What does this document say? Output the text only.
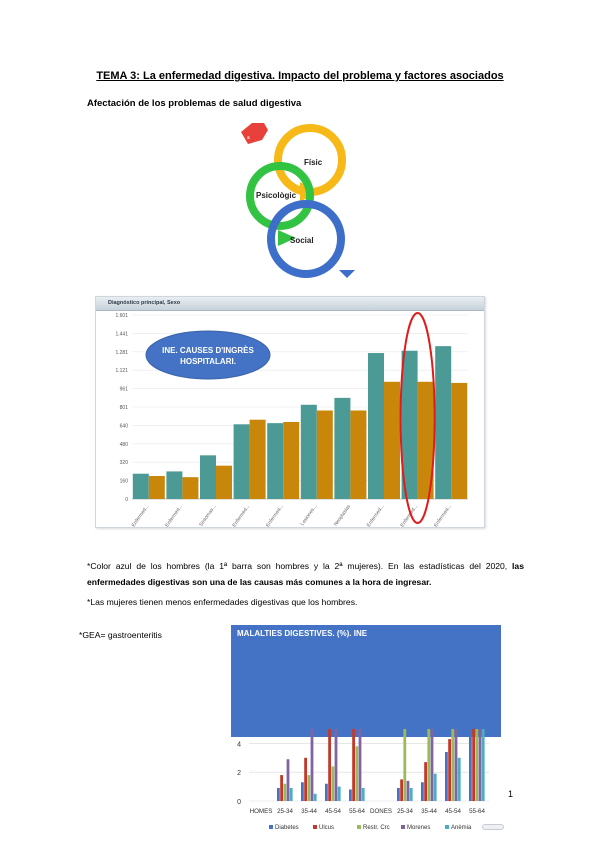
TEMA 3: La enfermedad digestiva. Impacto del problema y factores asociados
Afectación de los problemas de salud digestiva
&
Físic
Psicològic
Social
Diagnóstico principal, Sexo
1.601
1.441
1.281
1.121
961
801
640
480
320
160
0
Enfermed...	Enfermed...	Síntomas...	Enfermed...	Enfermed...	Lesiones...	Neoplasias	Enfermed...	Enfermed...	Enfermed...
INE. CAUSES D'INGRÈS
HOSPITALARI.
*Color azul de los hombres (la 1ª barra son hombres y la 2ª mujeres). En las estadísticas del 2020, las enfermedades digestivas son una de las causas más comunes a la hora de ingresar.
*Las mujeres tienen menos enfermedades digestivas que los hombres.
*GEA= gastroenteritis	MALALTIES DIGESTIVES. (%). INE
4
2
0
HOMES 25-34 35-44 45-54 55-64 DONES 25-34 35-44 45-54 55-64
Diabetes	Ulcus	Restr. Crc	Morenes	Anèmia
1
